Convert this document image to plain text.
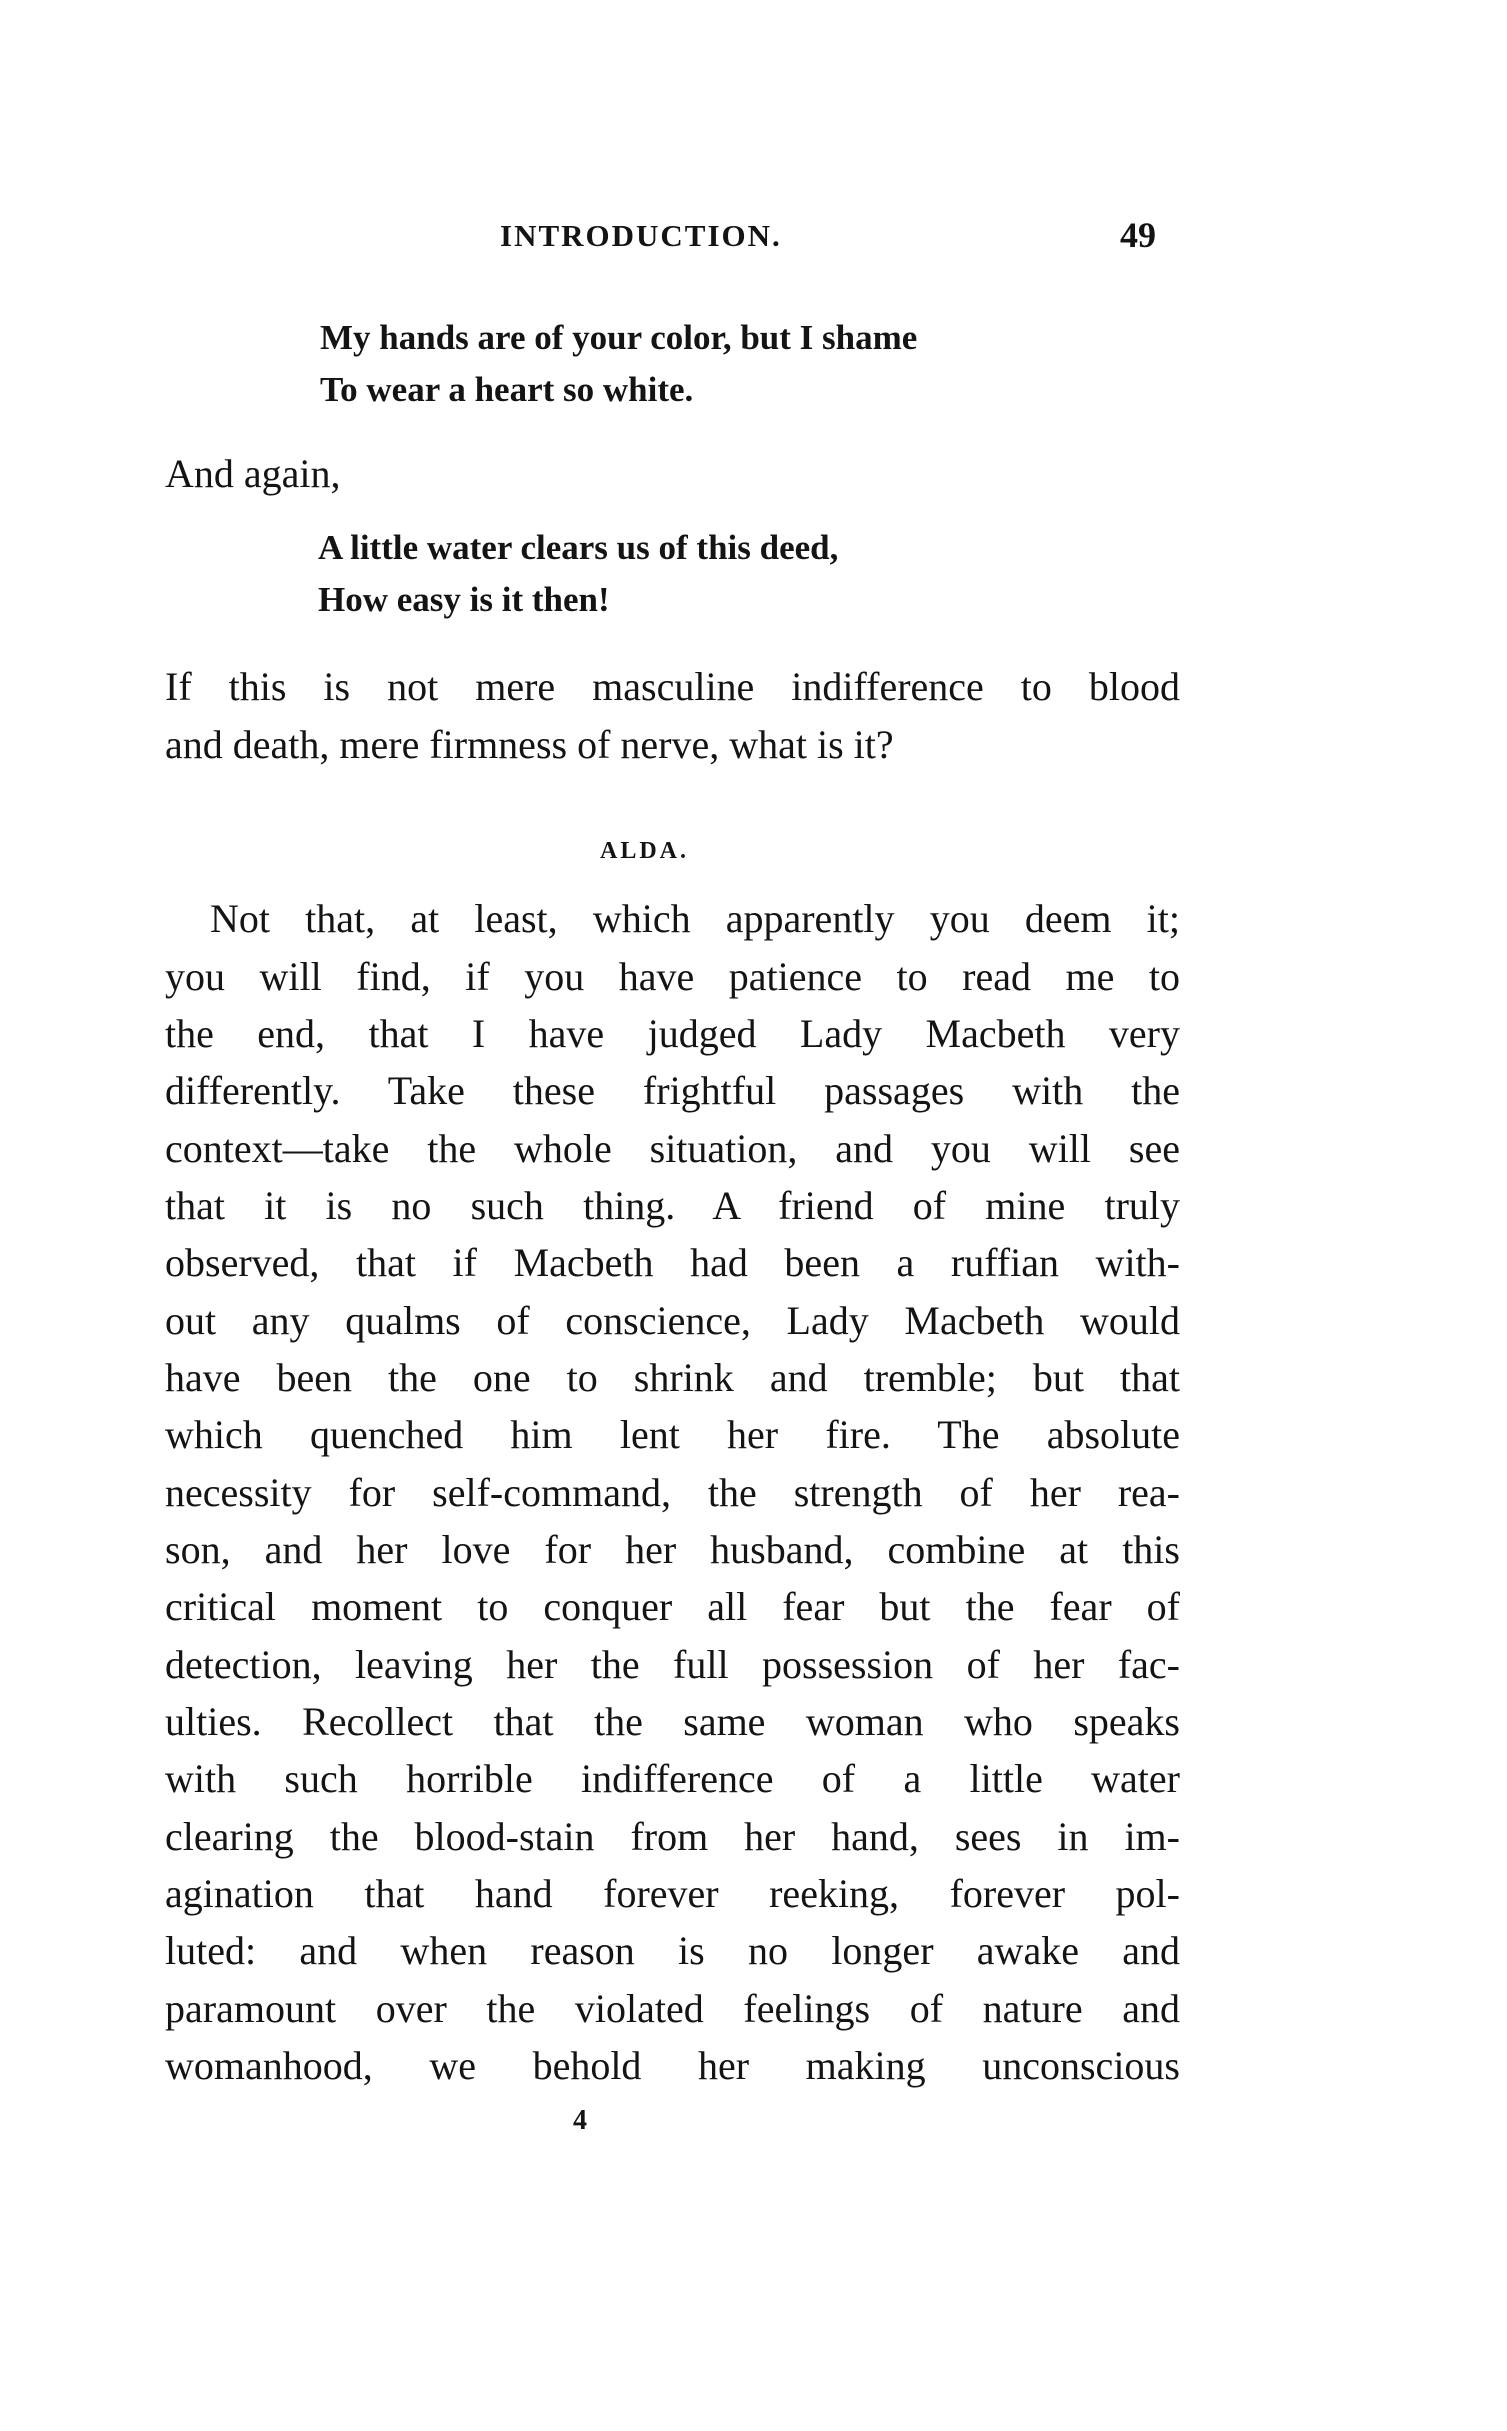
INTRODUCTION.	49
My hands are of your color, but I shame
To wear a heart so white.
And again,
A little water clears us of this deed,
How easy is it then!
If this is not mere masculine indifference to blood
and death, mere firmness of nerve, what is it?
ALDA.
Not that, at least, which apparently you deem it;
you will find, if you have patience to read me to
the end, that I have judged Lady Macbeth very
differently. Take these frightful passages with the
context—take the whole situation, and you will see
that it is no such thing. A friend of mine truly
observed, that if Macbeth had been a ruffian with-
out any qualms of conscience, Lady Macbeth would
have been the one to shrink and tremble; but that
which quenched him lent her fire. The absolute
necessity for self-command, the strength of her rea-
son, and her love for her husband, combine at this
critical moment to conquer all fear but the fear of
detection, leaving her the full possession of her fac-
ulties. Recollect that the same woman who speaks
with such horrible indifference of a little water
clearing the blood-stain from her hand, sees in im-
agination that hand forever reeking, forever pol-
luted: and when reason is no longer awake and
paramount over the violated feelings of nature and
womanhood, we behold her making unconscious
4
